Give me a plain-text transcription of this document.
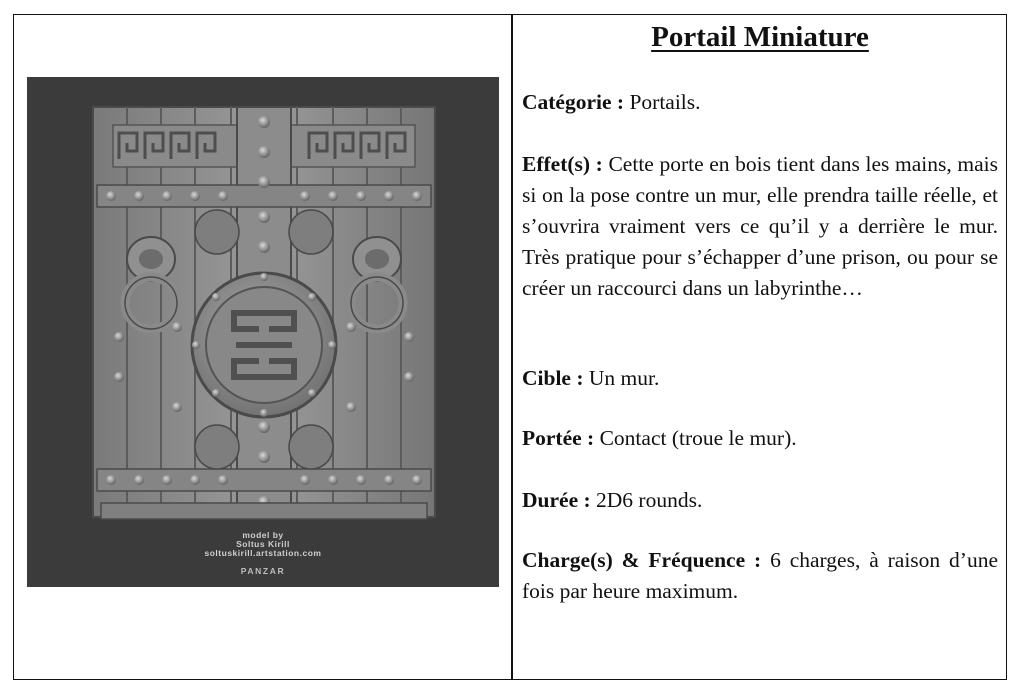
model by
Soltus Kirill
soltuskirill.artstation.com
PANZAR
Portail Miniature

Catégorie : Portails.

Effet(s) : Cette porte en bois tient dans les mains, mais si on la pose contre un mur, elle prendra taille réelle, et s’ouvrira vraiment vers ce qu’il y a derrière le mur. Très pratique pour s’échapper d’une prison, ou pour se créer un raccourci dans un labyrinthe…

Cible : Un mur.

Portée : Contact (troue le mur).

Durée : 2D6 rounds.

Charge(s) & Fréquence : 6 charges, à raison d’une fois par heure maximum.
